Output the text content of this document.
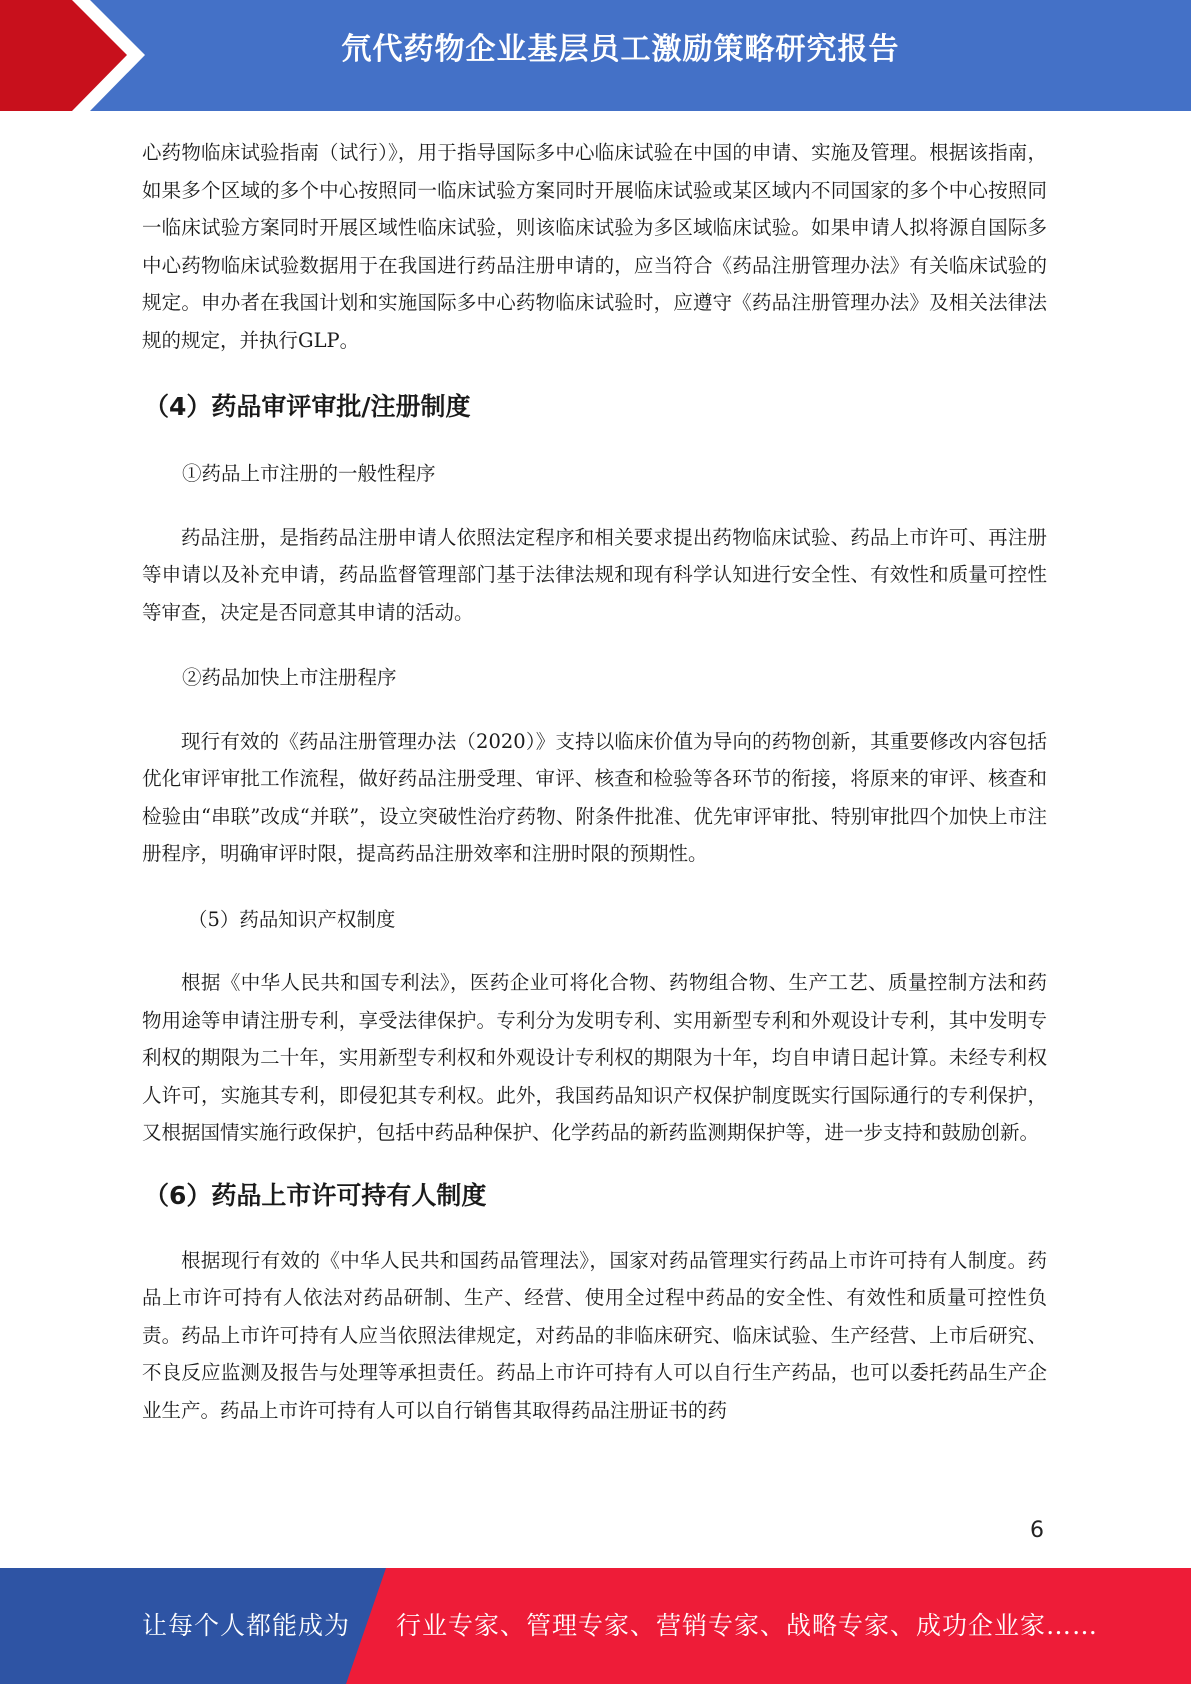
氘代药物企业基层员工激励策略研究报告

心药物临床试验指南（试行）》，用于指导国际多中心临床试验在中国的申请、实施及管理。根据该指南，如果多个区域的多个中心按照同一临床试验方案同时开展临床试验或某区域内不同国家的多个中心按照同一临床试验方案同时开展区域性临床试验，则该临床试验为多区域临床试验。如果申请人拟将源自国际多中心药物临床试验数据用于在我国进行药品注册申请的，应当符合《药品注册管理办法》有关临床试验的规定。申办者在我国计划和实施国际多中心药物临床试验时，应遵守《药品注册管理办法》及相关法律法规的规定，并执行GLP。

（4）药品审评审批/注册制度

①药品上市注册的一般性程序

药品注册，是指药品注册申请人依照法定程序和相关要求提出药物临床试验、药品上市许可、再注册等申请以及补充申请，药品监督管理部门基于法律法规和现有科学认知进行安全性、有效性和质量可控性等审查，决定是否同意其申请的活动。

②药品加快上市注册程序

现行有效的《药品注册管理办法（2020）》支持以临床价值为导向的药物创新，其重要修改内容包括优化审评审批工作流程，做好药品注册受理、审评、核查和检验等各环节的衔接，将原来的审评、核查和检验由“串联”改成“并联”，设立突破性治疗药物、附条件批准、优先审评审批、特别审批四个加快上市注册程序，明确审评时限，提高药品注册效率和注册时限的预期性。

（5）药品知识产权制度

根据《中华人民共和国专利法》，医药企业可将化合物、药物组合物、生产工艺、质量控制方法和药物用途等申请注册专利，享受法律保护。专利分为发明专利、实用新型专利和外观设计专利，其中发明专利权的期限为二十年，实用新型专利权和外观设计专利权的期限为十年，均自申请日起计算。未经专利权人许可，实施其专利，即侵犯其专利权。此外，我国药品知识产权保护制度既实行国际通行的专利保护，又根据国情实施行政保护，包括中药品种保护、化学药品的新药监测期保护等，进一步支持和鼓励创新。

（6）药品上市许可持有人制度

根据现行有效的《中华人民共和国药品管理法》，国家对药品管理实行药品上市许可持有人制度。药品上市许可持有人依法对药品研制、生产、经营、使用全过程中药品的安全性、有效性和质量可控性负责。药品上市许可持有人应当依照法律规定，对药品的非临床研究、临床试验、生产经营、上市后研究、不良反应监测及报告与处理等承担责任。药品上市许可持有人可以自行生产药品，也可以委托药品生产企业生产。药品上市许可持有人可以自行销售其取得药品注册证书的药

6
让每个人都能成为 行业专家、管理专家、营销专家、战略专家、成功企业家……
